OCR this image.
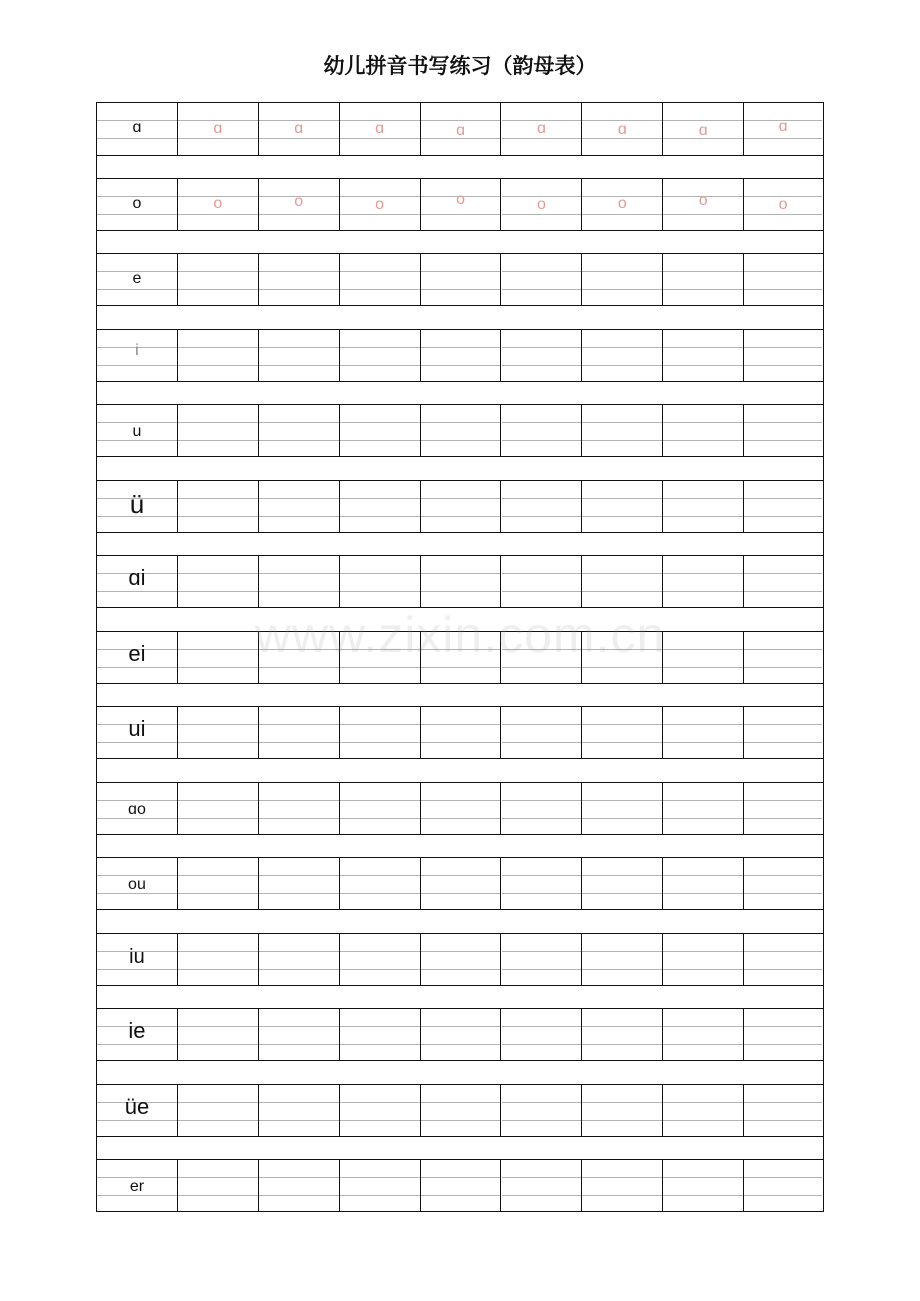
幼儿拼音书写练习（韵母表）
ɑ	ɑ	ɑ	ɑ	ɑ	ɑ	ɑ	ɑ	ɑ
o	o	o	o	o	o	o	o	o
e
i
u
ü
ɑi
ei
ui
ɑo
ou
iu
ie
üe
er
www.zixin.com.cn
